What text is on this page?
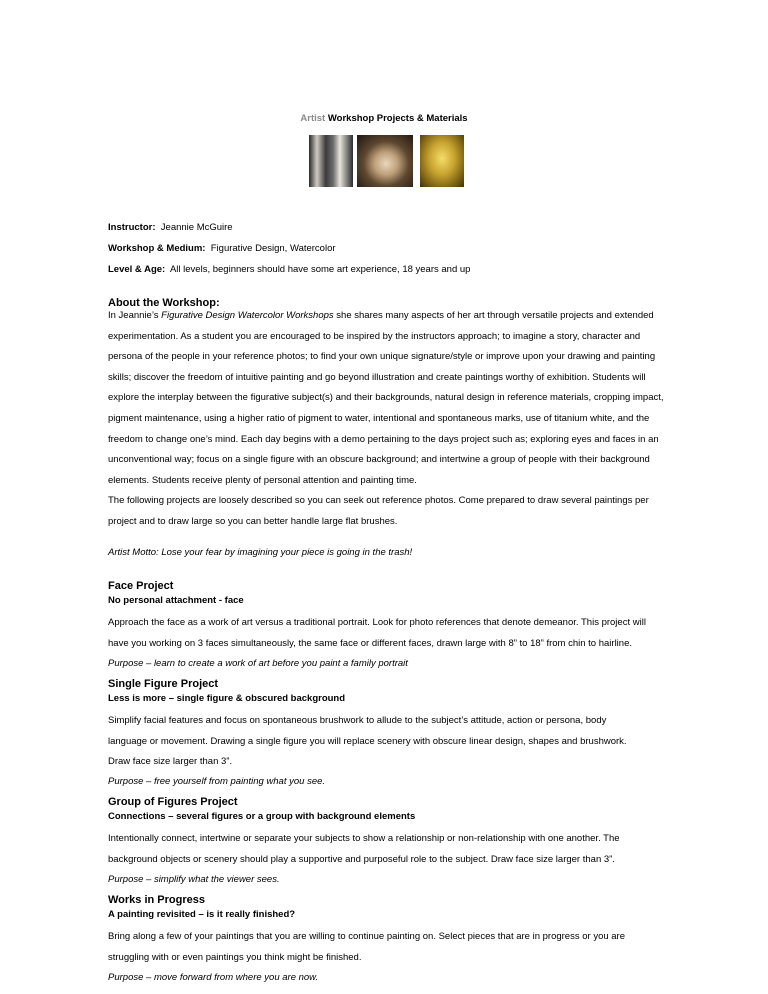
Artist Workshop Projects & Materials
Instructor: Jeannie McGuire
Workshop & Medium: Figurative Design, Watercolor
Level & Age: All levels, beginners should have some art experience, 18 years and up
About the Workshop:
In Jeannie’s Figurative Design Watercolor Workshops she shares many aspects of her art through versatile projects and extended
experimentation. As a student you are encouraged to be inspired by the instructors approach; to imagine a story, character and
persona of the people in your reference photos; to find your own unique signature/style or improve upon your drawing and painting
skills; discover the freedom of intuitive painting and go beyond illustration and create paintings worthy of exhibition. Students will
explore the interplay between the figurative subject(s) and their backgrounds, natural design in reference materials, cropping impact,
pigment maintenance, using a higher ratio of pigment to water, intentional and spontaneous marks, use of titanium white, and the
freedom to change one’s mind. Each day begins with a demo pertaining to the days project such as; exploring eyes and faces in an
unconventional way; focus on a single figure with an obscure background; and intertwine a group of people with their background
elements. Students receive plenty of personal attention and painting time.
The following projects are loosely described so you can seek out reference photos. Come prepared to draw several paintings per
project and to draw large so you can better handle large flat brushes.
Artist Motto: Lose your fear by imagining your piece is going in the trash!
Face Project
No personal attachment - face
Approach the face as a work of art versus a traditional portrait. Look for photo references that denote demeanor. This project will
have you working on 3 faces simultaneously, the same face or different faces, drawn large with 8” to 18” from chin to hairline.
Purpose – learn to create a work of art before you paint a family portrait
Single Figure Project
Less is more – single figure & obscured background
Simplify facial features and focus on spontaneous brushwork to allude to the subject’s attitude, action or persona, body
language or movement. Drawing a single figure you will replace scenery with obscure linear design, shapes and brushwork.
Draw face size larger than 3”.
Purpose – free yourself from painting what you see.
Group of Figures Project
Connections – several figures or a group with background elements
Intentionally connect, intertwine or separate your subjects to show a relationship or non-relationship with one another. The
background objects or scenery should play a supportive and purposeful role to the subject. Draw face size larger than 3”.
Purpose – simplify what the viewer sees.
Works in Progress
A painting revisited – is it really finished?
Bring along a few of your paintings that you are willing to continue painting on. Select pieces that are in progress or you are
struggling with or even paintings you think might be finished.
Purpose – move forward from where you are now.
